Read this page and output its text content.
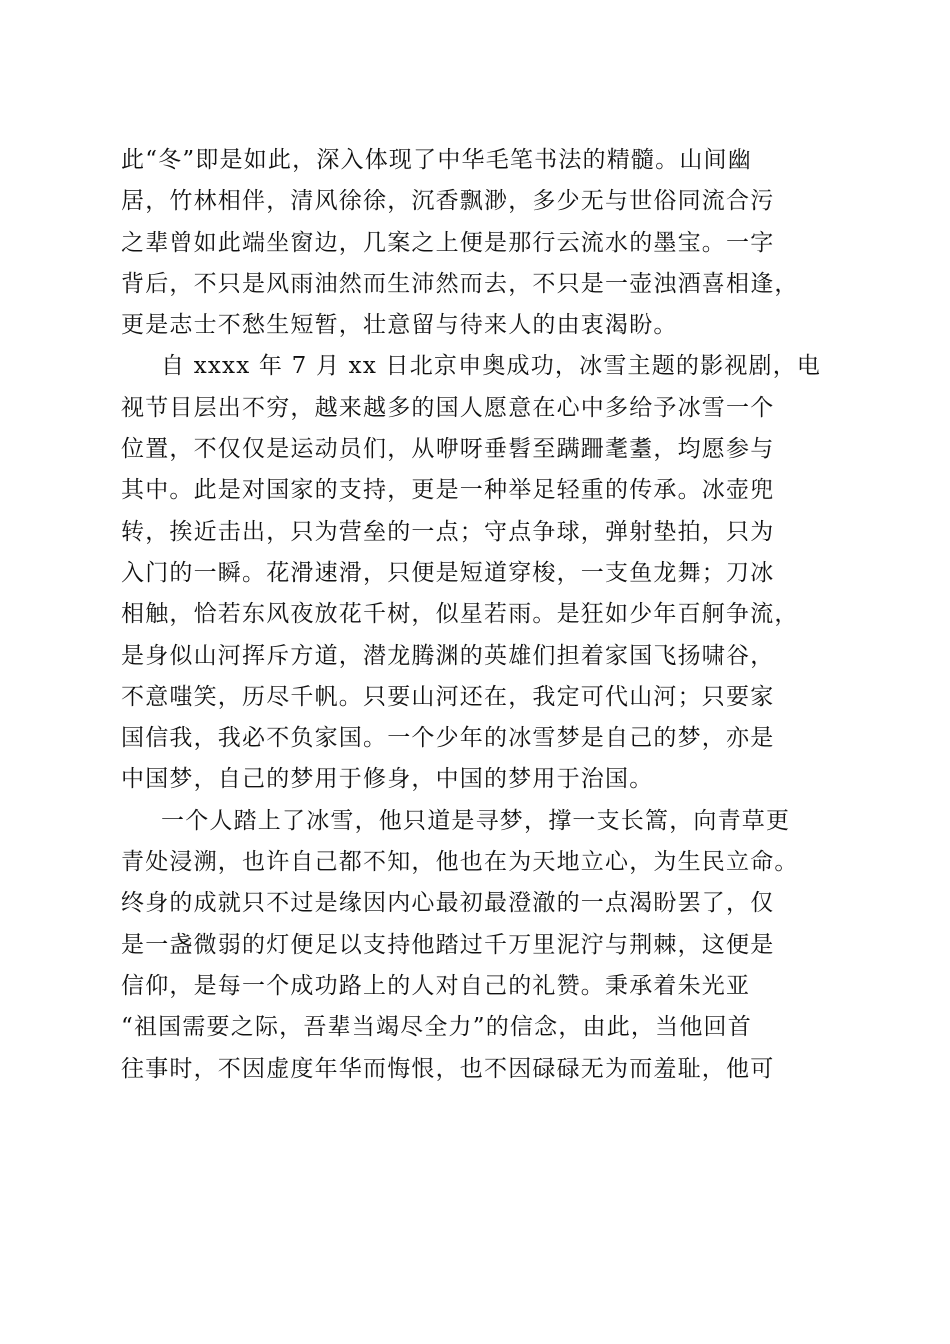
此“冬”即是如此，深入体现了中华毛笔书法的精髓。山间幽
居，竹林相伴，清风徐徐，沉香飘渺，多少无与世俗同流合污
之辈曾如此端坐窗边，几案之上便是那行云流水的墨宝。一字
背后，不只是风雨油然而生沛然而去，不只是一壶浊酒喜相逢，
更是志士不愁生短暂，壮意留与待来人的由衷渴盼。
自 xxxx 年 7 月 xx 日北京申奥成功，冰雪主题的影视剧，电
视节目层出不穷，越来越多的国人愿意在心中多给予冰雪一个
位置，不仅仅是运动员们，从咿呀垂髫至蹒跚耄耋，均愿参与
其中。此是对国家的支持，更是一种举足轻重的传承。冰壶兜
转，挨近击出，只为营垒的一点；守点争球，弹射垫拍，只为
入门的一瞬。花滑速滑，只便是短道穿梭，一支鱼龙舞；刀冰
相触，恰若东风夜放花千树，似星若雨。是狂如少年百舸争流，
是身似山河挥斥方道，潜龙腾渊的英雄们担着家国飞扬啸谷，
不意嗤笑，历尽千帆。只要山河还在，我定可代山河；只要家
国信我，我必不负家国。一个少年的冰雪梦是自己的梦，亦是
中国梦，自己的梦用于修身，中国的梦用于治国。
一个人踏上了冰雪，他只道是寻梦，撑一支长篙，向青草更
青处浸溯，也许自己都不知，他也在为天地立心，为生民立命。
终身的成就只不过是缘因内心最初最澄澈的一点渴盼罢了，仅
是一盏微弱的灯便足以支持他踏过千万里泥泞与荆棘，这便是
信仰，是每一个成功路上的人对自己的礼赞。秉承着朱光亚
“祖国需要之际，吾辈当竭尽全力”的信念，由此，当他回首
往事时，不因虚度年华而悔恨，也不因碌碌无为而羞耻，他可
